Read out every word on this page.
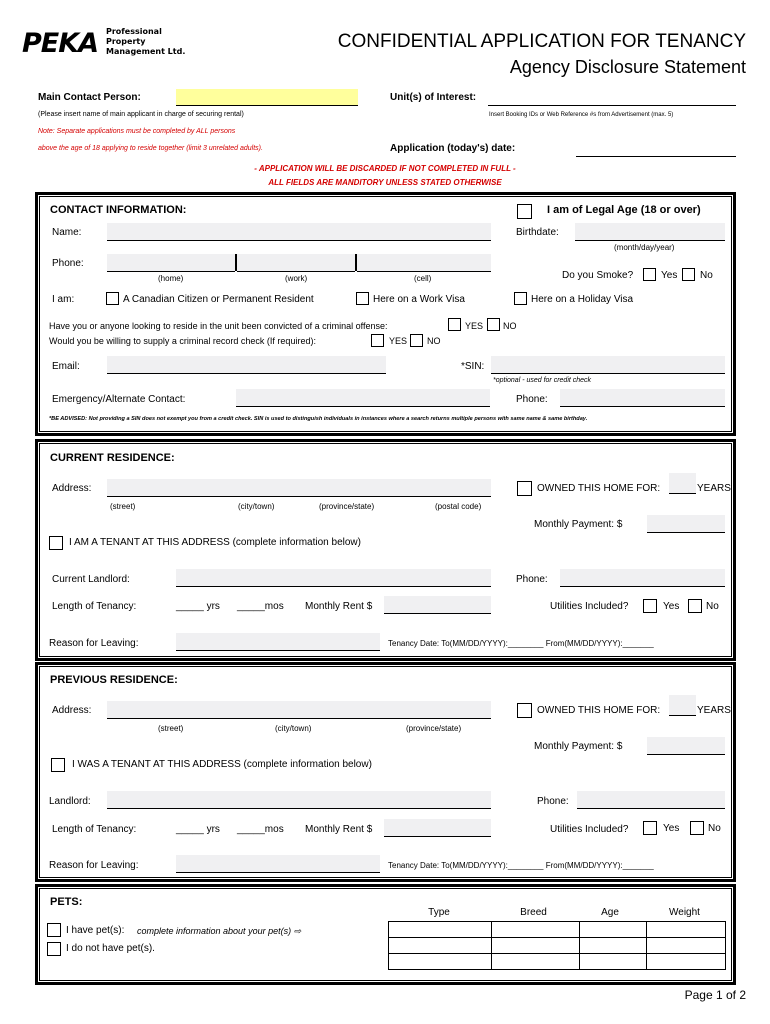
PEKA Professional
Property
Management Ltd.	CONFIDENTIAL APPLICATION FOR TENANCY
Agency Disclosure Statement
Main Contact Person:
(Please insert name of main applicant in charge of securing rental)
Unit(s) of Interest:
Insert Booking IDs or Web Reference #s from Advertisement (max. 5)
Note: Separate applications must be completed by ALL persons
above the age of 18 applying to reside together (limit 3 unrelated adults).	Application (today's) date:
- APPLICATION WILL BE DISCARDED IF NOT COMPLETED IN FULL -
ALL FIELDS ARE MANDITORY UNLESS STATED OTHERWISE
CONTACT INFORMATION:	I am of Legal Age (18 or over)
Name:	Birthdate:
(month/day/year)
Phone:
(home)	(work)	(cell)	Do you Smoke?	Yes No
I am:	A Canadian Citizen or Permanent Resident	Here on a Work Visa	Here on a Holiday Visa
Have you or anyone looking to reside in the unit been convicted of a criminal offense:	YES NO
Would you be willing to supply a criminal record check (If required):	YES NO
Email:	*SIN:
*optional - used for credit check
Emergency/Alternate Contact:	Phone:
*BE ADVISED: Not providing a SIN does not exempt you from a credit check. SIN is used to distinguish individuals in instances where a search returns multiple persons with same name & same birthday.
CURRENT RESIDENCE:
Address:	OWNED THIS HOME FOR:	YEARS
(street)	(city/town)	(province/state)	(postal code)
Monthly Payment: $
I AM A TENANT AT THIS ADDRESS (complete information below)
Current Landlord:	Phone:
Length of Tenancy:	_____ yrs _____mos Monthly Rent $	Utilities Included?	Yes	No
Reason for Leaving:	Tenancy Date: To(MM/DD/YYYY):________ From(MM/DD/YYYY):_______
PREVIOUS RESIDENCE:
Address:	OWNED THIS HOME FOR:	YEARS
(street)	(city/town)	(province/state)
Monthly Payment: $
I WAS A TENANT AT THIS ADDRESS (complete information below)
Landlord:	Phone:
Length of Tenancy:	_____ yrs _____mos Monthly Rent $	Utilities Included?	Yes	No
Reason for Leaving:	Tenancy Date: To(MM/DD/YYYY):________ From(MM/DD/YYYY):_______
PETS:
I have pet(s): complete information about your pet(s) ⇨
I do not have pet(s).
Type	Breed	Age	Weight

Page 1 of 2
